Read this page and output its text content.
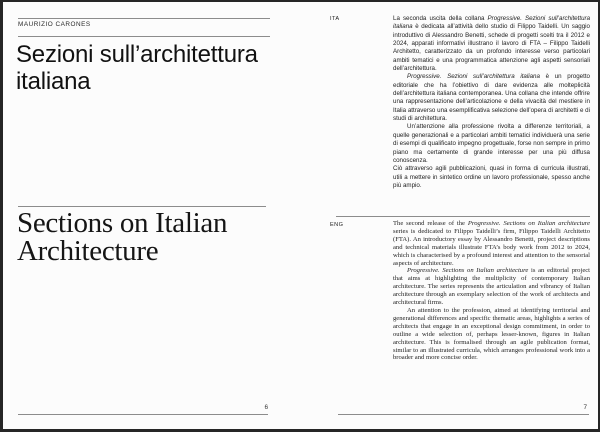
MAURIZIO CARONES
Sezioni sull’architettura italiana
Sections on Italian Architecture
6
ITA	La seconda uscita della collana Progressive. Sezioni sull’architettura italiana è dedicata all’attività dello studio di Filippo Taidelli. Un saggio introduttivo di Alessandro Benetti, schede di progetti scelti tra il 2012 e 2024, apparati informativi illustrano il lavoro di FTA – Filippo Taidelli Architetto, caratterizzato da un profondo interesse verso particolari ambiti tematici e una programmatica attenzione agli aspetti sensoriali dell’architettura.

Progressive. Sezioni sull’architettura italiana è un progetto editoriale che ha l’obiettivo di dare evidenza alle molteplicità dell’architettura italiana contemporanea. Una collana che intende offrire una rappresentazione dell’articolazione e della vivacità del mestiere in Italia attraverso una esemplificativa selezione dell’opera di architetti e di studi di architettura.

Un’attenzione alla professione rivolta a differenze territoriali, a quelle generazionali e a particolari ambiti tematici individuerà una serie di esempi di qualificato impegno progettuale, forse non sempre in primo piano ma certamente di grande interesse per una più diffusa conoscenza.

Ciò attraverso agili pubblicazioni, quasi in forma di curricula illustrati, utili a mettere in sintetico ordine un lavoro professionale, spesso anche più ampio.

ENG	The second release of the Progressive. Sections on Italian architecture series is dedicated to Filippo Taidelli’s firm, Filippo Taidelli Architetto (FTA). An introductory essay by Alessandro Benetti, project descriptions and technical materials illustrate FTA’s body work from 2012 to 2024, which is characterised by a profound interest and attention to the sensorial aspects of architecture.

Progressive. Sections on Italian architecture is an editorial project that aims at highlighting the multiplicity of contemporary Italian architecture. The series represents the articulation and vibrancy of Italian architecture through an exemplary selection of the work of architects and architectural firms.

An attention to the profession, aimed at identifying territorial and generational differences and specific thematic areas, highlights a series of architects that engage in an exceptional design commitment, in order to outline a wide selection of, perhaps lesser-known, figures in Italian architecture. This is formalised through an agile publication format, similar to an illustrated curricula, which arranges professional work into a broader and more concise order.

7
